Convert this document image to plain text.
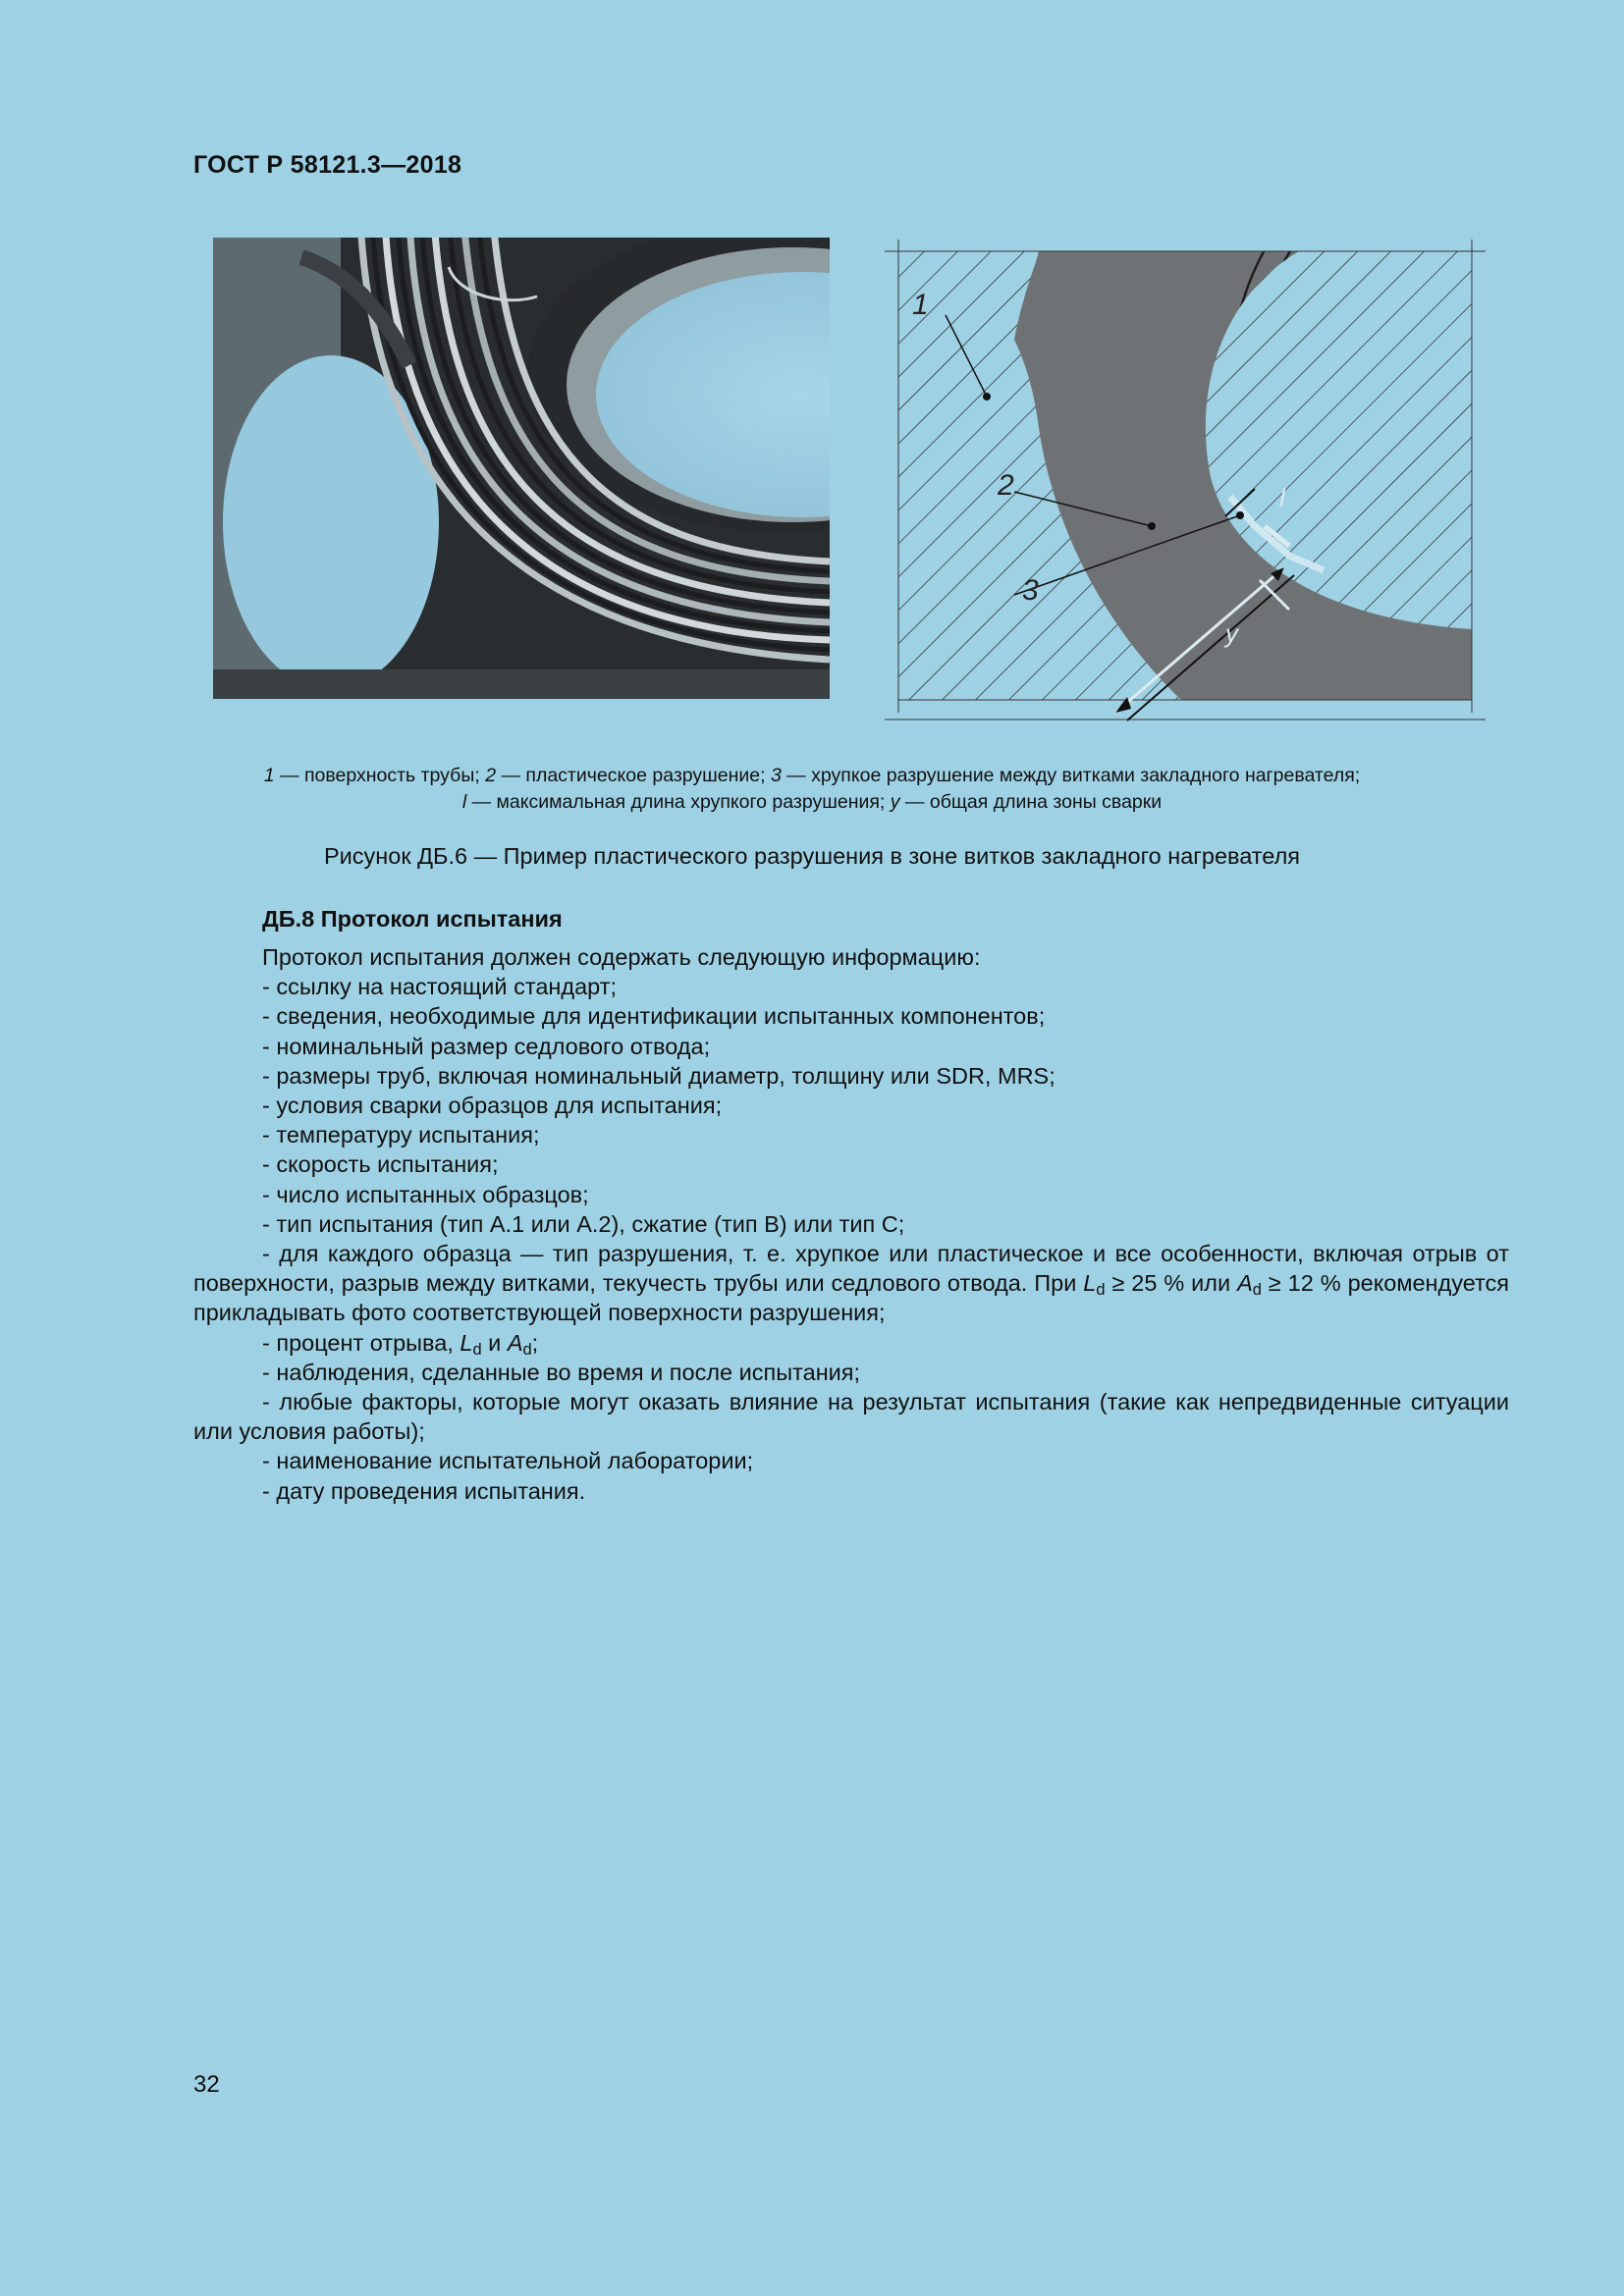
ГОСТ Р 58121.3—2018
1
2
3
l
y
1 — поверхность трубы; 2 — пластическое разрушение; 3 — хрупкое разрушение между витками закладного нагревателя;
l — максимальная длина хрупкого разрушения; y — общая длина зоны сварки
Рисунок ДБ.6 — Пример пластического разрушения в зоне витков закладного нагревателя
ДБ.8 Протокол испытания

Протокол испытания должен содержать следующую информацию:

- ссылку на настоящий стандарт;

- сведения, необходимые для идентификации испытанных компонентов;

- номинальный размер седлового отвода;

- размеры труб, включая номинальный диаметр, толщину или SDR, MRS;

- условия сварки образцов для испытания;

- температуру испытания;

- скорость испытания;

- число испытанных образцов;

- тип испытания (тип А.1 или А.2), сжатие (тип В) или тип С;

- для каждого образца — тип разрушения, т. е. хрупкое или пластическое и все особенности, включая отрыв от поверхности, разрыв между витками, текучесть трубы или седлового отвода. При $L_d \ge 25$ % или $A_d \ge 12$ % рекомендуется прикладывать фото соответствующей поверхности разрушения;

- процент отрыва, $L_d$ и $A_d$;

- наблюдения, сделанные во время и после испытания;

- любые факторы, которые могут оказать влияние на результат испытания (такие как непредвиденные ситуации или условия работы);

- наименование испытательной лаборатории;

- дату проведения испытания.

32
